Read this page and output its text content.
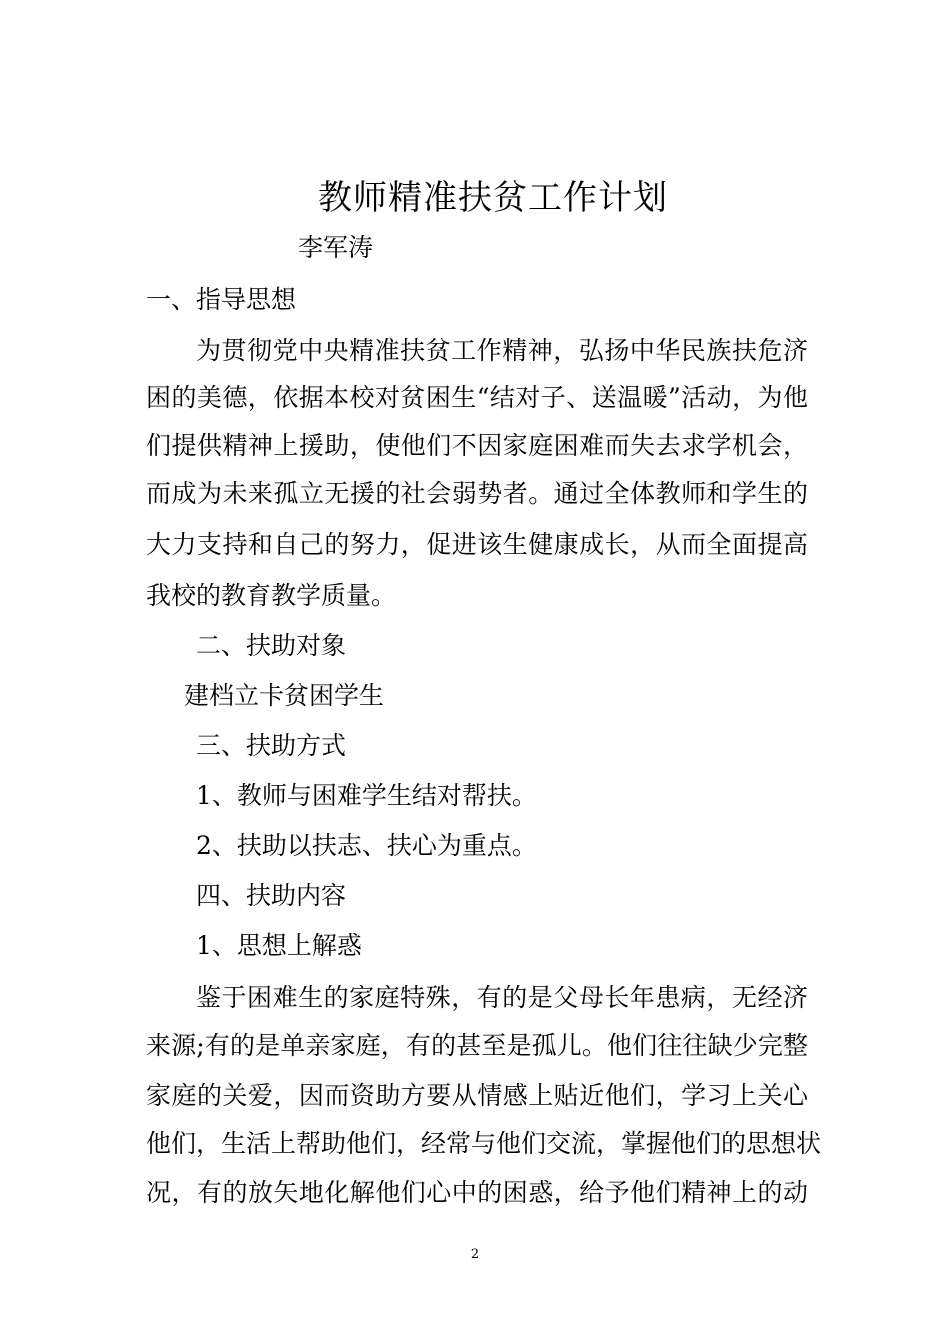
教师精准扶贫工作计划
李军涛
一、指导思想
为贯彻党中央精准扶贫工作精神，弘扬中华民族扶危济
困的美德，依据本校对贫困生“结对子、送温暖”活动，为他
们提供精神上援助，使他们不因家庭困难而失去求学机会，
而成为未来孤立无援的社会弱势者。通过全体教师和学生的
大力支持和自己的努力，促进该生健康成长，从而全面提高
我校的教育教学质量。
二、扶助对象
建档立卡贫困学生
三、扶助方式
1、教师与困难学生结对帮扶。
2、扶助以扶志、扶心为重点。
四、扶助内容
1、思想上解惑
鉴于困难生的家庭特殊，有的是父母长年患病，无经济
来源;有的是单亲家庭，有的甚至是孤儿。他们往往缺少完整
家庭的关爱，因而资助方要从情感上贴近他们，学习上关心
他们，生活上帮助他们，经常与他们交流，掌握他们的思想状
况，有的放矢地化解他们心中的困惑，给予他们精神上的动
2
